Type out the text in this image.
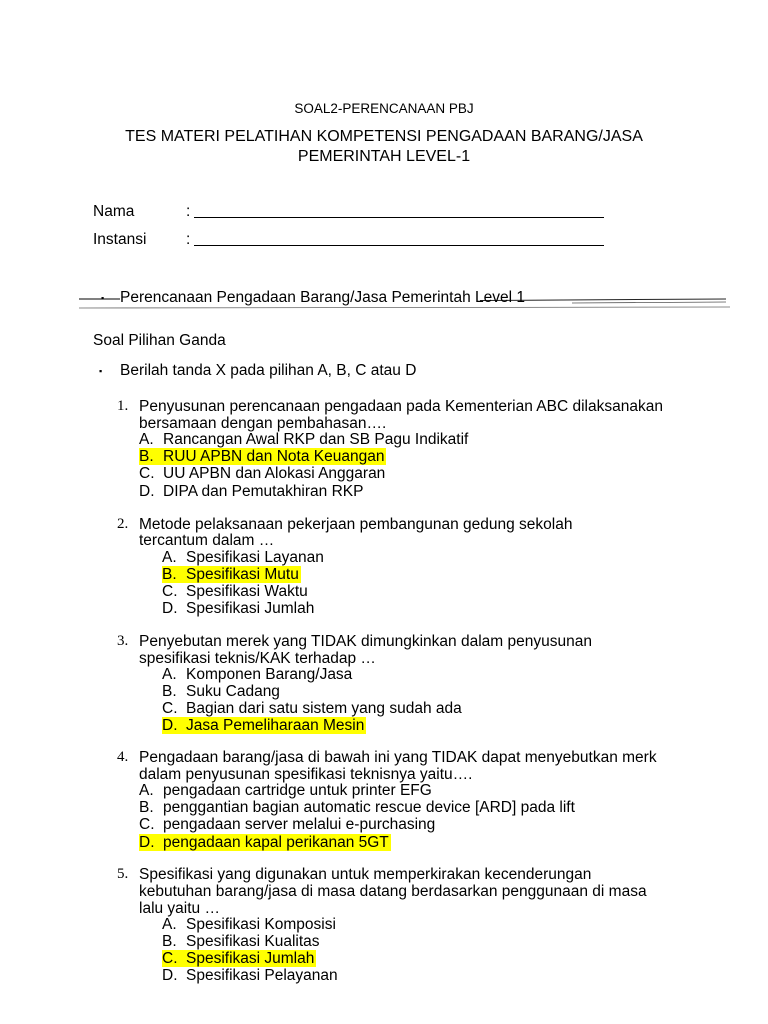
SOAL2-PERENCANAAN PBJ
TES MATERI PELATIHAN KOMPETENSI PENGADAAN BARANG/JASA
PEMERINTAH LEVEL-1
Nama	:
Instansi	:
▪ Perencanaan Pengadaan Barang/Jasa Pemerintah Level 1
Soal Pilihan Ganda
▪ Berilah tanda X pada pilihan A, B, C atau D
1. Penyusunan perencanaan pengadaan pada Kementerian ABC dilaksanakan
bersamaan dengan pembahasan….
A. Rancangan Awal RKP dan SB Pagu Indikatif
B. RUU APBN dan Nota Keuangan
C. UU APBN dan Alokasi Anggaran
D. DIPA dan Pemutakhiran RKP
2. Metode pelaksanaan pekerjaan pembangunan gedung sekolah
tercantum dalam …
A. Spesifikasi Layanan
B. Spesifikasi Mutu
C. Spesifikasi Waktu
D. Spesifikasi Jumlah
3. Penyebutan merek yang TIDAK dimungkinkan dalam penyusunan
spesifikasi teknis/KAK terhadap …
A. Komponen Barang/Jasa
B. Suku Cadang
C. Bagian dari satu sistem yang sudah ada
D. Jasa Pemeliharaan Mesin
4. Pengadaan barang/jasa di bawah ini yang TIDAK dapat menyebutkan merk
dalam penyusunan spesifikasi teknisnya yaitu….
A. pengadaan cartridge untuk printer EFG
B. penggantian bagian automatic rescue device [ARD] pada lift
C. pengadaan server melalui e-purchasing
D. pengadaan kapal perikanan 5GT
5. Spesifikasi yang digunakan untuk memperkirakan kecenderungan
kebutuhan barang/jasa di masa datang berdasarkan penggunaan di masa
lalu yaitu …
A. Spesifikasi Komposisi
B. Spesifikasi Kualitas
C. Spesifikasi Jumlah
D. Spesifikasi Pelayanan
